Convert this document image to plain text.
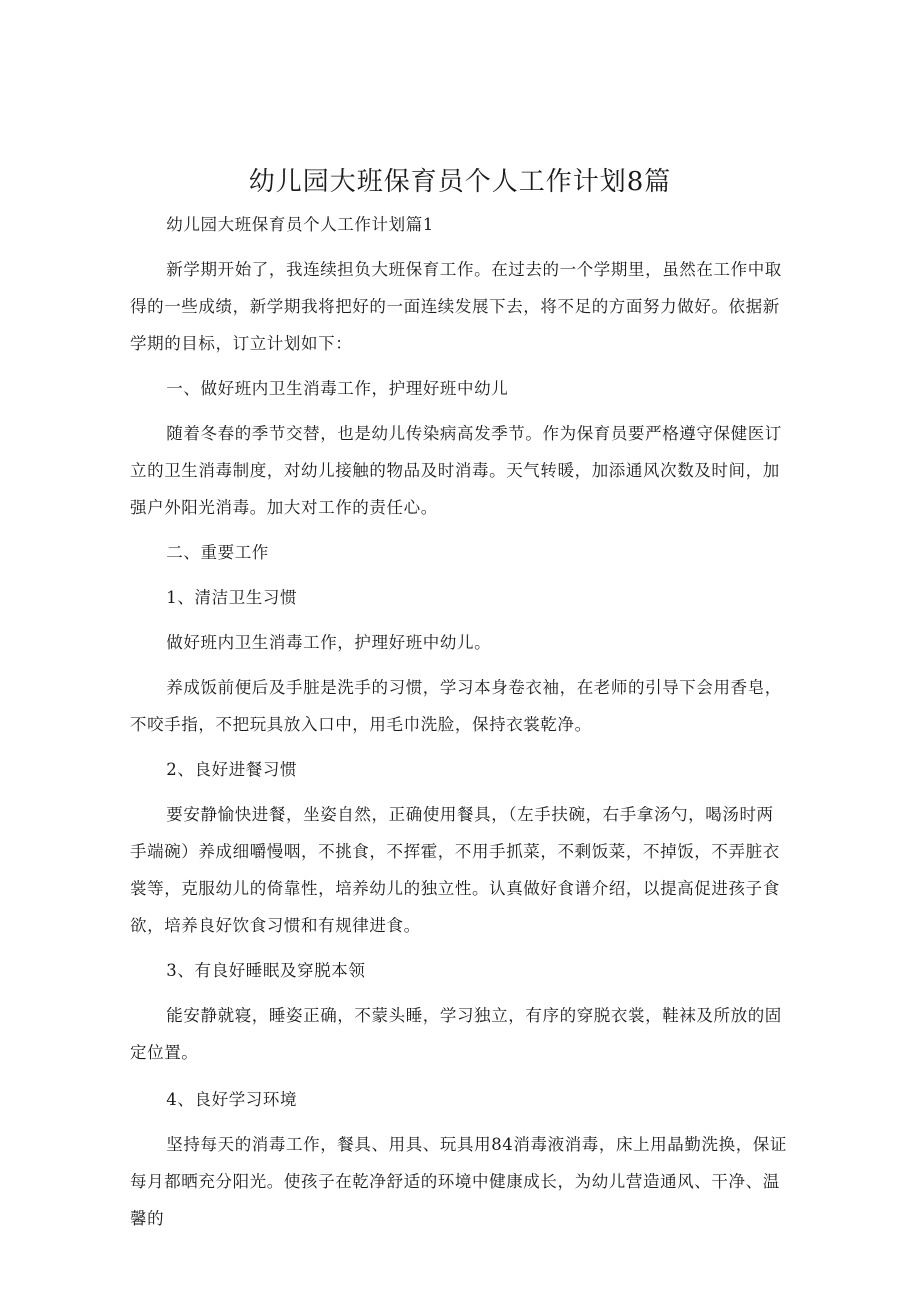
幼儿园大班保育员个人工作计划8篇

幼儿园大班保育员个人工作计划篇1

新学期开始了，我连续担负大班保育工作。在过去的一个学期里，虽然在工作中取得的一些成绩，新学期我将把好的一面连续发展下去，将不足的方面努力做好。依据新学期的目标，订立计划如下：

一、做好班内卫生消毒工作，护理好班中幼儿

随着冬春的季节交替，也是幼儿传染病高发季节。作为保育员要严格遵守保健医订立的卫生消毒制度，对幼儿接触的物品及时消毒。天气转暖，加添通风次数及时间，加强户外阳光消毒。加大对工作的责任心。

二、重要工作

1、清洁卫生习惯

做好班内卫生消毒工作，护理好班中幼儿。

养成饭前便后及手脏是洗手的习惯，学习本身卷衣袖，在老师的引导下会用香皂，不咬手指，不把玩具放入口中，用毛巾洗脸，保持衣裳乾净。

2、良好进餐习惯

要安静愉快进餐，坐姿自然，正确使用餐具，（左手扶碗，右手拿汤勺，喝汤时两手端碗）养成细嚼慢咽，不挑食，不挥霍，不用手抓菜，不剩饭菜，不掉饭，不弄脏衣裳等，克服幼儿的倚靠性，培养幼儿的独立性。认真做好食谱介绍，以提高促进孩子食欲，培养良好饮食习惯和有规律进食。

3、有良好睡眠及穿脱本领

能安静就寝，睡姿正确，不蒙头睡，学习独立，有序的穿脱衣裳，鞋袜及所放的固定位置。

4、良好学习环境

坚持每天的消毒工作，餐具、用具、玩具用84消毒液消毒，床上用晶勤洗换，保证每月都晒充分阳光。使孩子在乾净舒适的环境中健康成长，为幼儿营造通风、干净、温馨的
